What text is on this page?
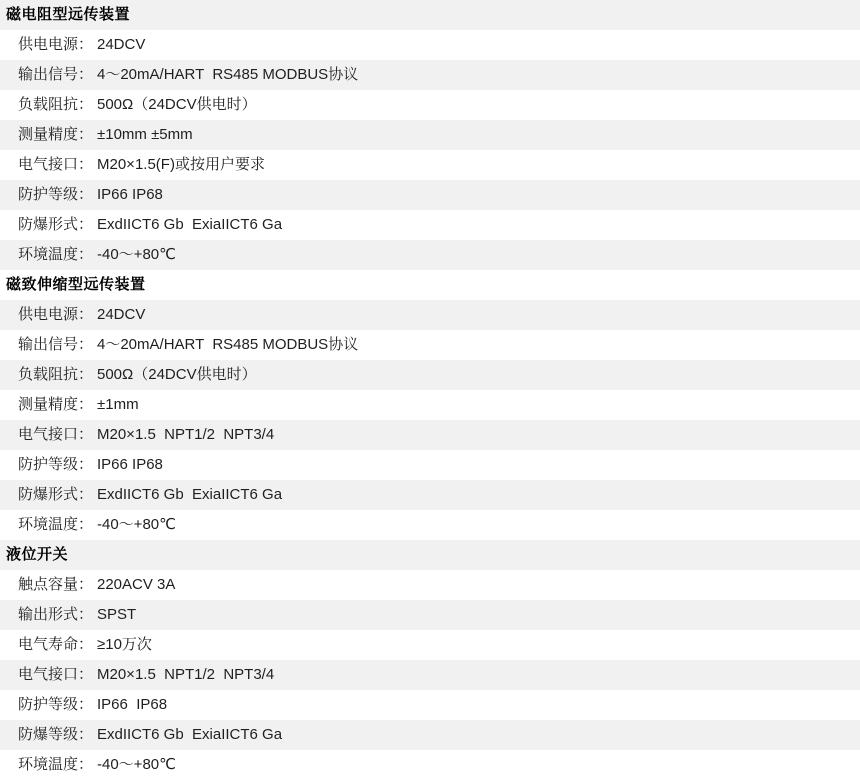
磁电阻型远传装置
供电电源： 24DCV
输出信号： 4～20mA/HART  RS485 MODBUS协议
负载阻抗： 500Ω（24DCV供电时）
测量精度： ±10mm ±5mm
电气接口： M20×1.5(F)或按用户要求
防护等级： IP66 IP68
防爆形式： ExdIICT6 Gb  ExiaIICT6 Ga
环境温度： -40～+80℃
磁致伸缩型远传装置
供电电源： 24DCV
输出信号： 4～20mA/HART  RS485 MODBUS协议
负载阻抗： 500Ω（24DCV供电时）
测量精度： ±1mm
电气接口： M20×1.5  NPT1/2  NPT3/4
防护等级： IP66 IP68
防爆形式： ExdIICT6 Gb  ExiaIICT6 Ga
环境温度： -40～+80℃
液位开关
触点容量： 220ACV 3A
输出形式： SPST
电气寿命： ≥10万次
电气接口： M20×1.5  NPT1/2  NPT3/4
防护等级： IP66  IP68
防爆等级： ExdIICT6 Gb  ExiaIICT6 Ga
环境温度： -40～+80℃
